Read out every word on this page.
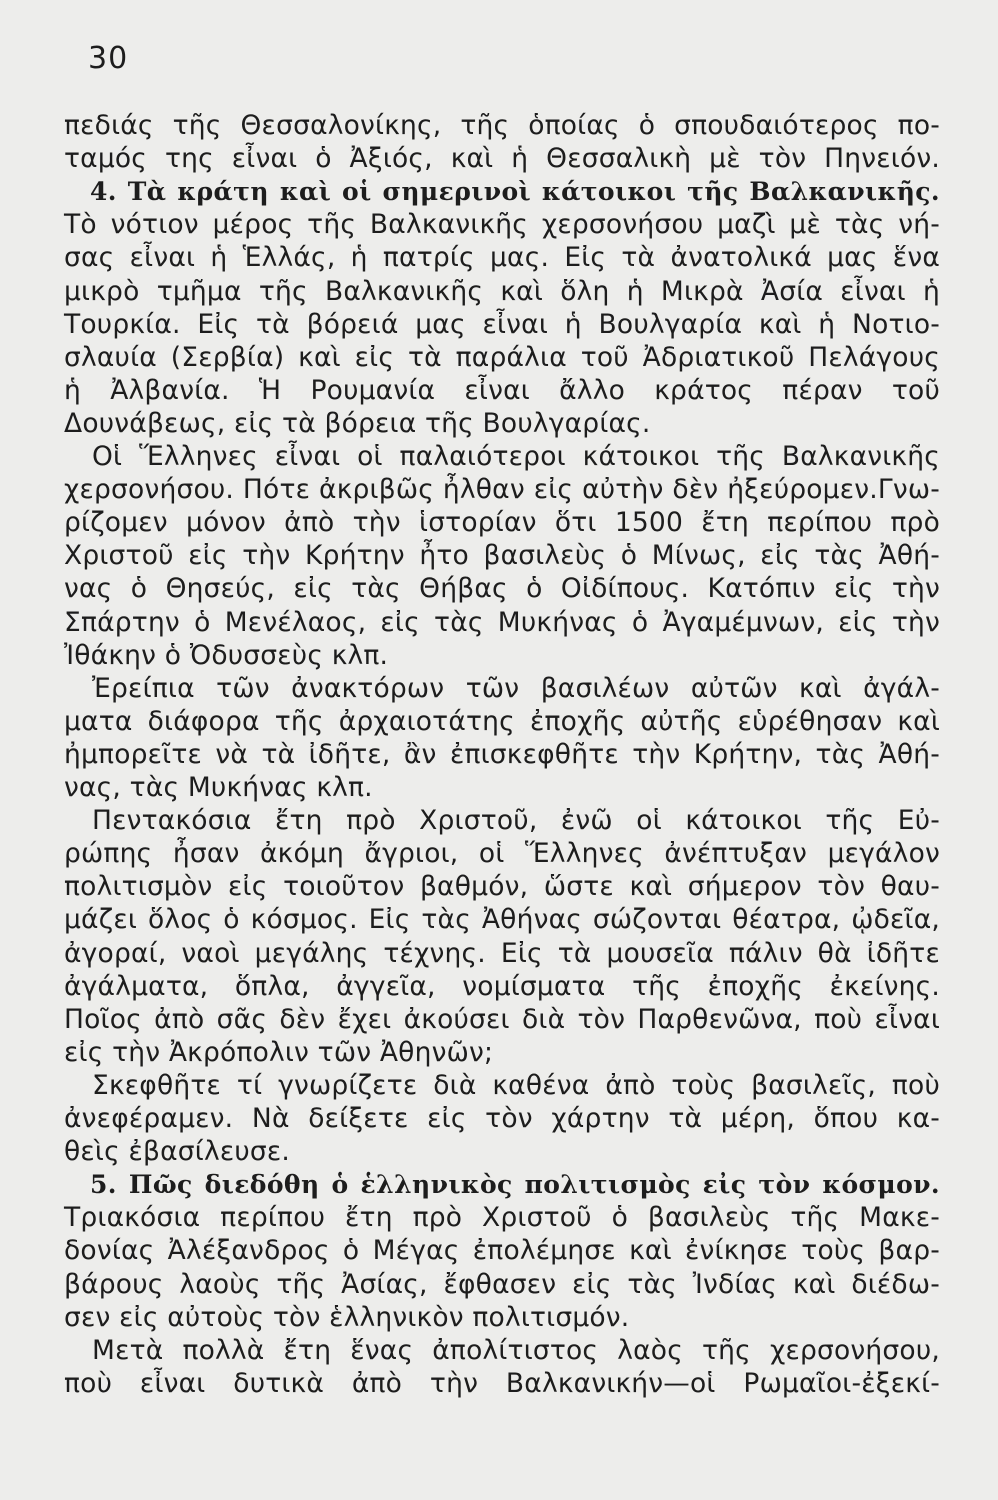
30
πεδιάς τῆς Θεσσαλονίκης, τῆς ὁποίας ὁ σπουδαιότερος πο-
ταμός της εἶναι ὁ Ἀξιός, καὶ ἡ Θεσσαλικὴ μὲ τὸν Πηνειόν.
4. Τὰ κράτη καὶ οἱ σημερινοὶ κάτοικοι τῆς Βαλκανικῆς.
Τὸ νότιον μέρος τῆς Βαλκανικῆς χερσονήσου μαζὶ μὲ τὰς νή-
σας εἶναι ἡ Ἑλλάς, ἡ πατρίς μας. Εἰς τὰ ἀνατολικά μας ἕνα
μικρὸ τμῆμα τῆς Βαλκανικῆς καὶ ὅλη ἡ Μικρὰ Ἀσία εἶναι ἡ
Τουρκία. Εἰς τὰ βόρειά μας εἶναι ἡ Βουλγαρία καὶ ἡ Νοτιο-
σλαυία (Σερβία) καὶ εἰς τὰ παράλια τοῦ Ἀδριατικοῦ Πελάγους
ἡ Ἀλβανία. Ἡ Ρουμανία εἶναι ἄλλο κράτος πέραν τοῦ
Δουνάβεως, εἰς τὰ βόρεια τῆς Βουλγαρίας.
Οἱ Ἕλληνες εἶναι οἱ παλαιότεροι κάτοικοι τῆς Βαλκανικῆς
χερσονήσου. Πότε ἀκριβῶς ἦλθαν εἰς αὐτὴν δὲν ἠξεύρομεν.Γνω-
ρίζομεν μόνον ἀπὸ τὴν ἱστορίαν ὅτι 1500 ἔτη περίπου πρὸ
Χριστοῦ εἰς τὴν Κρήτην ἦτο βασιλεὺς ὁ Μίνως, εἰς τὰς Ἀθή-
νας ὁ Θησεύς, εἰς τὰς Θήβας ὁ Οἰδίπους. Κατόπιν εἰς τὴν
Σπάρτην ὁ Μενέλαος, εἰς τὰς Μυκήνας ὁ Ἀγαμέμνων, εἰς τὴν
Ἰθάκην ὁ Ὀδυσσεὺς κλπ.
Ἐρείπια τῶν ἀνακτόρων τῶν βασιλέων αὐτῶν καὶ ἀγάλ-
ματα διάφορα τῆς ἀρχαιοτάτης ἐποχῆς αὐτῆς εὑρέθησαν καὶ
ἠμπορεῖτε νὰ τὰ ἰδῆτε, ἂν ἐπισκεφθῆτε τὴν Κρήτην, τὰς Ἀθή-
νας, τὰς Μυκήνας κλπ.
Πεντακόσια ἔτη πρὸ Χριστοῦ, ἐνῶ οἱ κάτοικοι τῆς Εὐ-
ρώπης ἦσαν ἀκόμη ἄγριοι, οἱ Ἕλληνες ἀνέπτυξαν μεγάλον
πολιτισμὸν εἰς τοιοῦτον βαθμόν, ὥστε καὶ σήμερον τὸν θαυ-
μάζει ὅλος ὁ κόσμος. Εἰς τὰς Ἀθήνας σώζονται θέατρα, ᾠδεῖα,
ἀγοραί, ναοὶ μεγάλης τέχνης. Εἰς τὰ μουσεῖα πάλιν θὰ ἰδῆτε
ἀγάλματα, ὅπλα, ἀγγεῖα, νομίσματα τῆς ἐποχῆς ἐκείνης.
Ποῖος ἀπὸ σᾶς δὲν ἔχει ἀκούσει διὰ τὸν Παρθενῶνα, ποὺ εἶναι
εἰς τὴν Ἀκρόπολιν τῶν Ἀθηνῶν;
Σκεφθῆτε τί γνωρίζετε διὰ καθένα ἀπὸ τοὺς βασιλεῖς, ποὺ
ἀνεφέραμεν. Νὰ δείξετε εἰς τὸν χάρτην τὰ μέρη, ὅπου κα-
θεὶς ἐβασίλευσε.
5. Πῶς διεδόθη ὁ ἑλληνικὸς πολιτισμὸς εἰς τὸν κόσμον.
Τριακόσια περίπου ἔτη πρὸ Χριστοῦ ὁ βασιλεὺς τῆς Μακε-
δονίας Ἀλέξανδρος ὁ Μέγας ἐπολέμησε καὶ ἐνίκησε τοὺς βαρ-
βάρους λαοὺς τῆς Ἀσίας, ἔφθασεν εἰς τὰς Ἰνδίας καὶ διέδω-
σεν εἰς αὐτοὺς τὸν ἑλληνικὸν πολιτισμόν.
Μετὰ πολλὰ ἔτη ἕνας ἀπολίτιστος λαὸς τῆς χερσονήσου,
ποὺ εἶναι δυτικὰ ἀπὸ τὴν Βαλκανικήν—οἱ Ρωμαῖοι-ἐξεκί-
